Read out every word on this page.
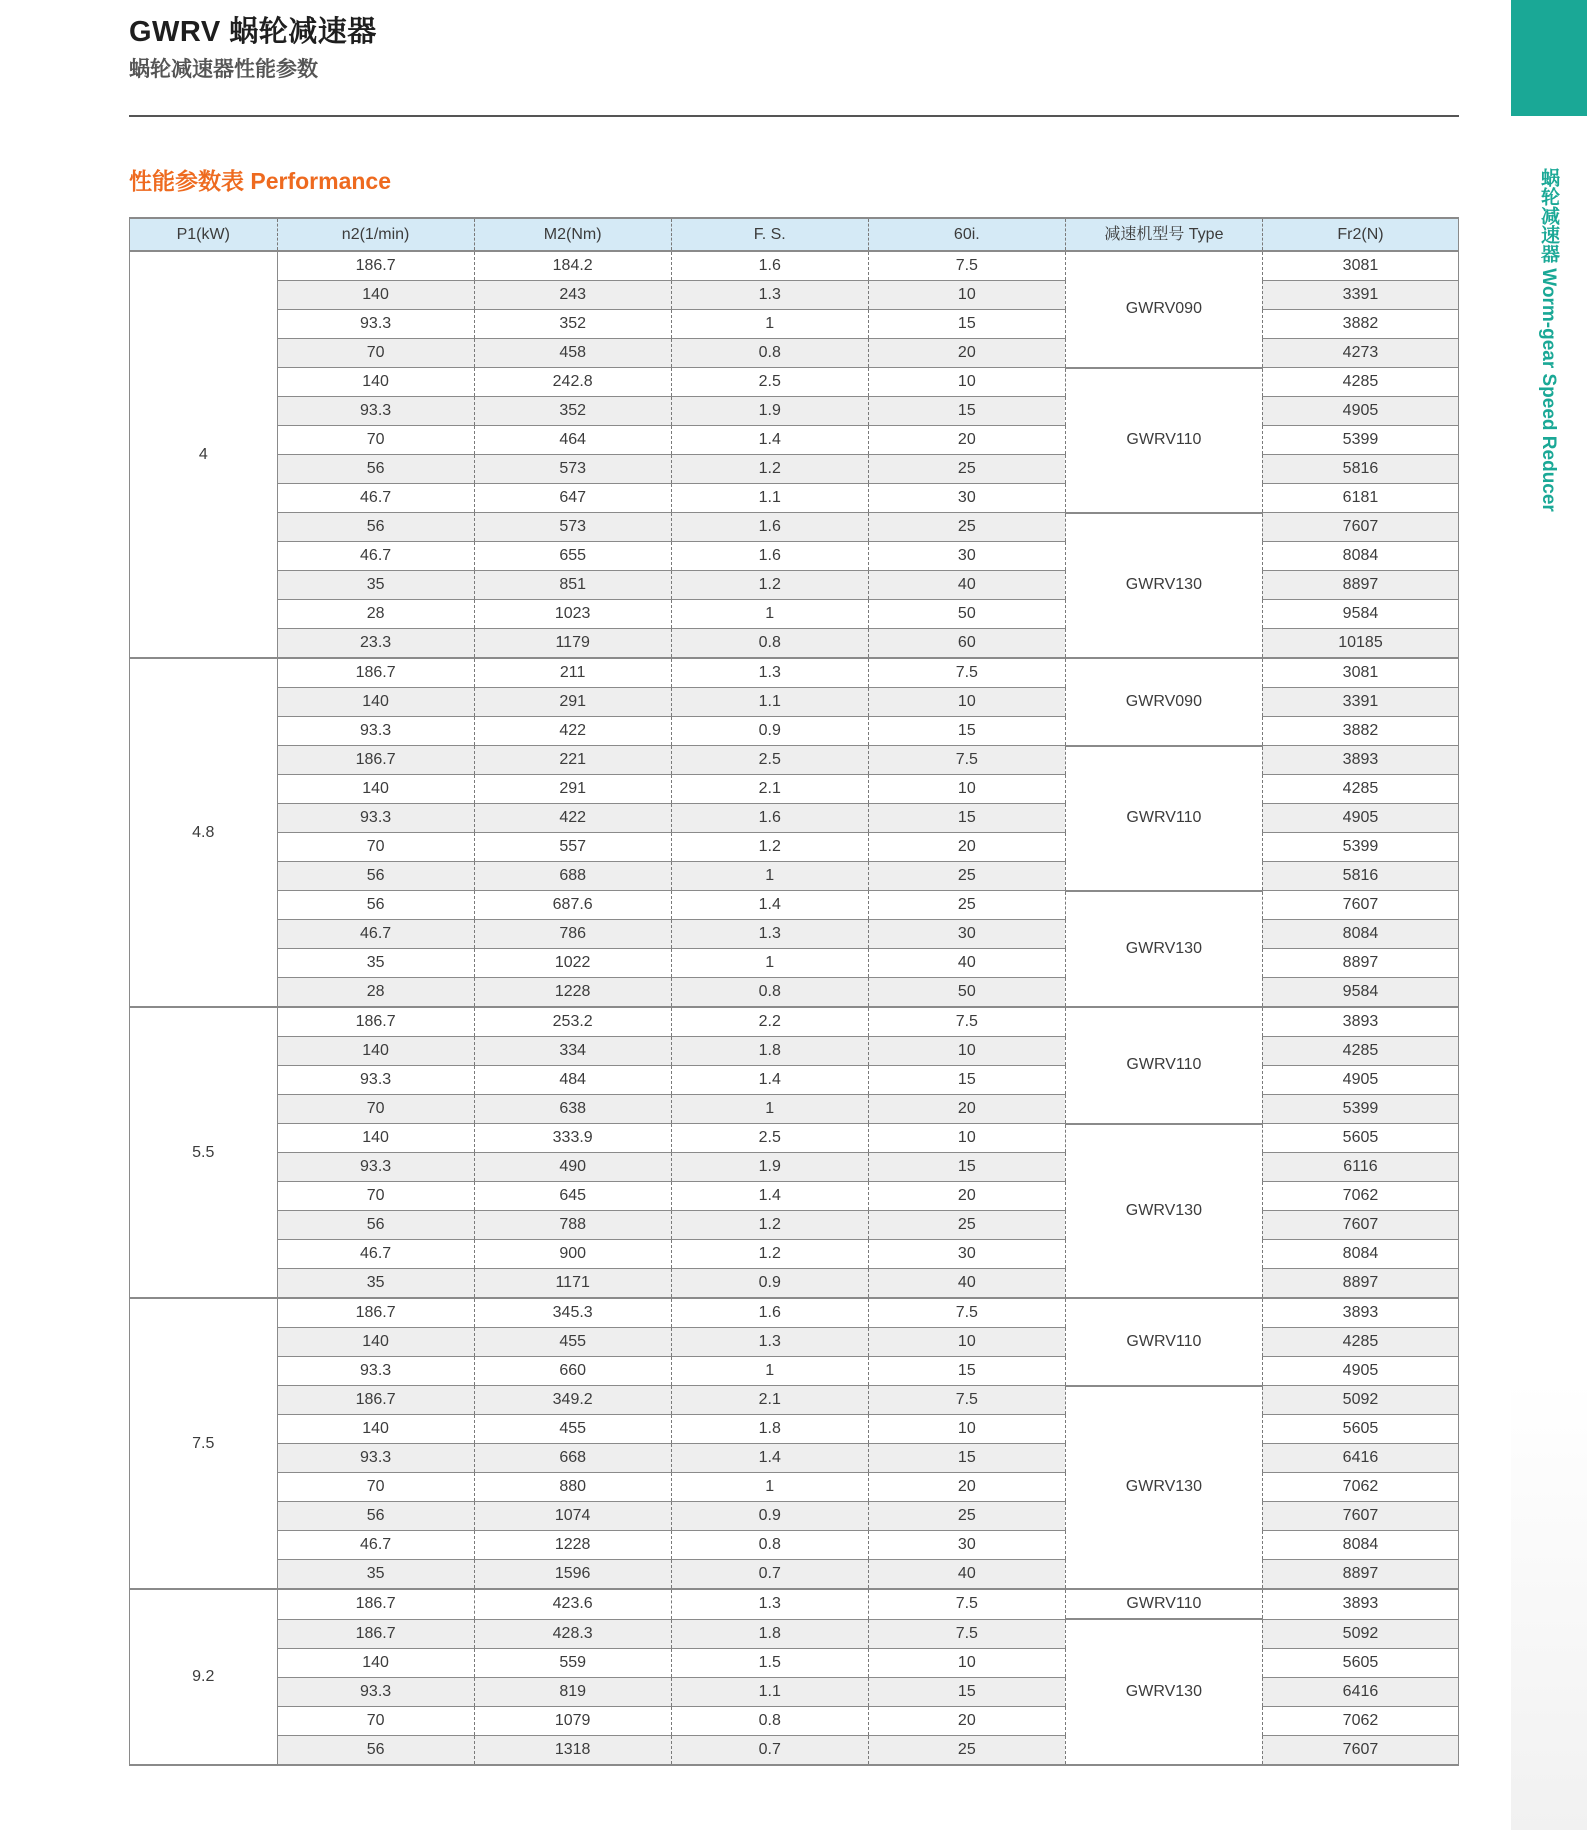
蜗轮减速器 Worm-gear Speed Reducer
GWRV 蜗轮减速器
蜗轮减速器性能参数
性能参数表 Performance
P1(kW)	n2(1/min)	M2(Nm)	F. S.	60i.	减速机型号 Type	Fr2(N)
4	186.7	184.2	1.6	7.5	GWRV090	3081
	140	243	1.3	10		3391
	93.3	352	1	15		3882
	70	458	0.8	20		4273
	140	242.8	2.5	10	GWRV110	4285
	93.3	352	1.9	15		4905
	70	464	1.4	20		5399
	56	573	1.2	25		5816
	46.7	647	1.1	30		6181
	56	573	1.6	25	GWRV130	7607
	46.7	655	1.6	30		8084
	35	851	1.2	40		8897
	28	1023	1	50		9584
	23.3	1179	0.8	60		10185
4.8	186.7	211	1.3	7.5	GWRV090	3081
	140	291	1.1	10		3391
	93.3	422	0.9	15		3882
	186.7	221	2.5	7.5	GWRV110	3893
	140	291	2.1	10		4285
	93.3	422	1.6	15		4905
	70	557	1.2	20		5399
	56	688	1	25		5816
	56	687.6	1.4	25	GWRV130	7607
	46.7	786	1.3	30		8084
	35	1022	1	40		8897
	28	1228	0.8	50		9584
5.5	186.7	253.2	2.2	7.5	GWRV110	3893
	140	334	1.8	10		4285
	93.3	484	1.4	15		4905
	70	638	1	20		5399
	140	333.9	2.5	10	GWRV130	5605
	93.3	490	1.9	15		6116
	70	645	1.4	20		7062
	56	788	1.2	25		7607
	46.7	900	1.2	30		8084
	35	1171	0.9	40		8897
7.5	186.7	345.3	1.6	7.5	GWRV110	3893
	140	455	1.3	10		4285
	93.3	660	1	15		4905
	186.7	349.2	2.1	7.5	GWRV130	5092
	140	455	1.8	10		5605
	93.3	668	1.4	15		6416
	70	880	1	20		7062
	56	1074	0.9	25		7607
	46.7	1228	0.8	30		8084
	35	1596	0.7	40		8897
9.2	186.7	423.6	1.3	7.5	GWRV110	3893
	186.7	428.3	1.8	7.5	GWRV130	5092
	140	559	1.5	10		5605
	93.3	819	1.1	15		6416
	70	1079	0.8	20		7062
	56	1318	0.7	25		7607
